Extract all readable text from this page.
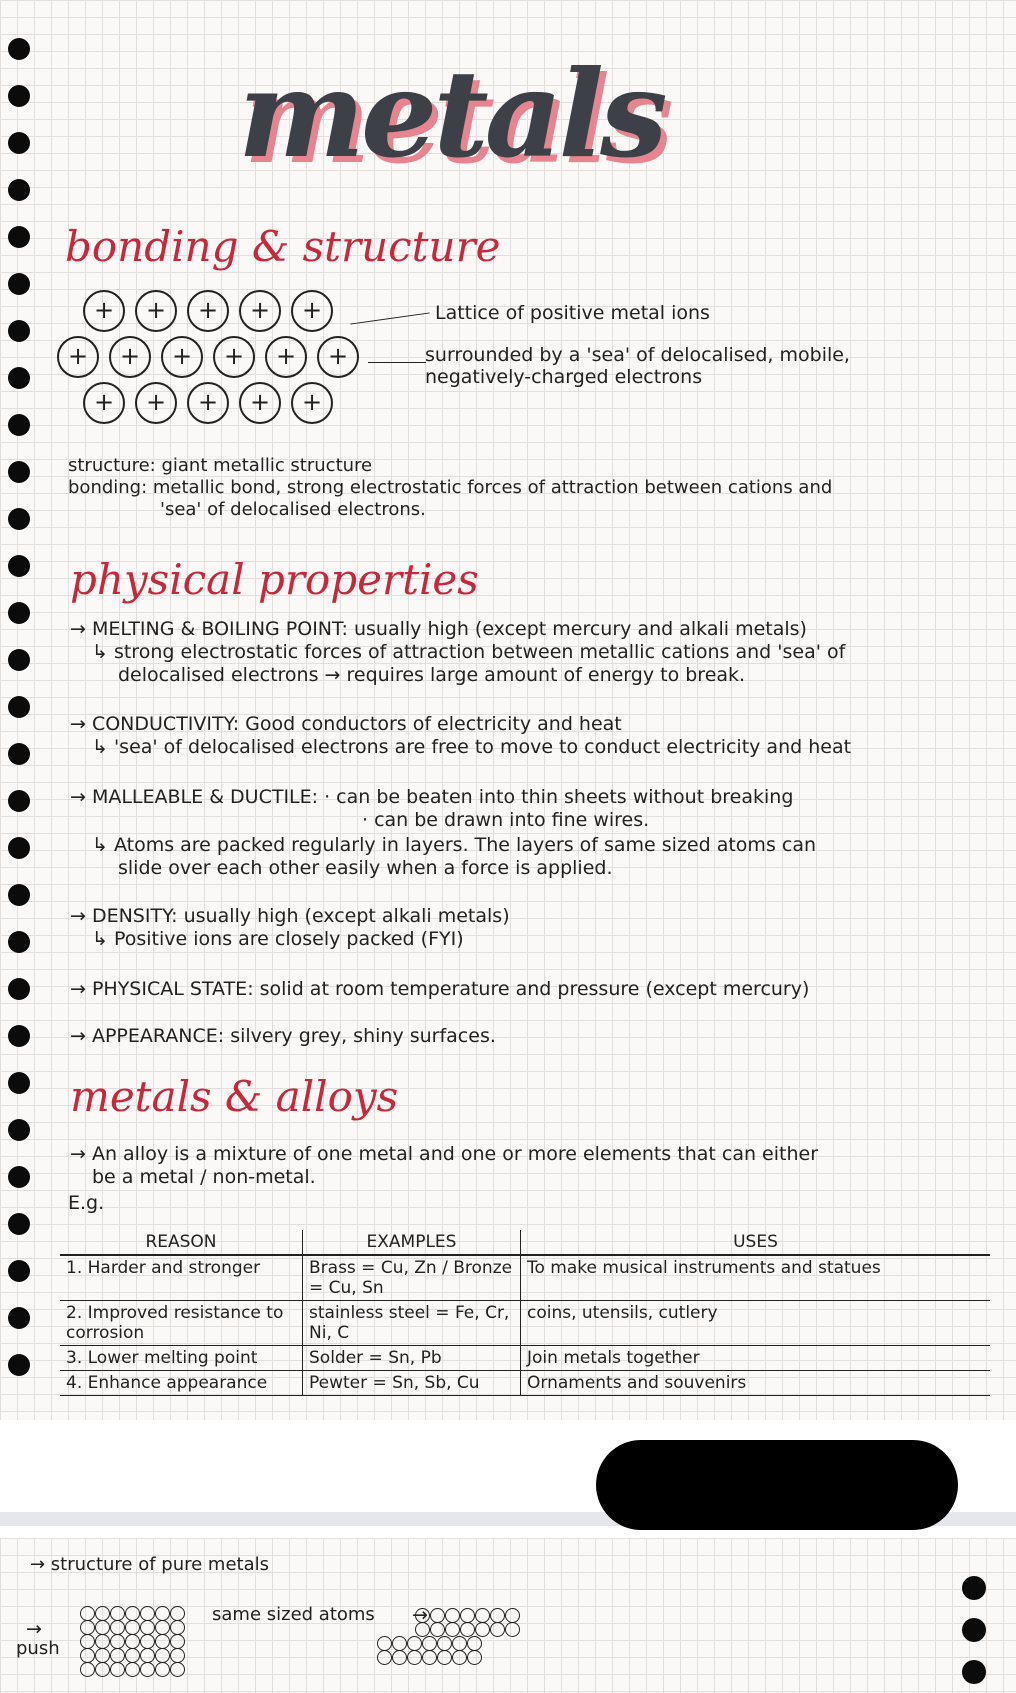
metals
bonding & structure
+	+	+	+	+
+	+	+	+	+	+
+	+	+	+	+
Lattice of positive metal ions
surrounded by a 'sea' of delocalised, mobile,
negatively-charged electrons
structure: giant metallic structure
bonding: metallic bond, strong electrostatic forces of attraction between cations and
'sea' of delocalised electrons.
physical properties
→ MELTING & BOILING POINT: usually high (except mercury and alkali metals)
↳ strong electrostatic forces of attraction between metallic cations and 'sea' of
delocalised electrons → requires large amount of energy to break.
→ CONDUCTIVITY: Good conductors of electricity and heat
↳ 'sea' of delocalised electrons are free to move to conduct electricity and heat
→ MALLEABLE & DUCTILE: · can be beaten into thin sheets without breaking
· can be drawn into fine wires.
↳ Atoms are packed regularly in layers. The layers of same sized atoms can
slide over each other easily when a force is applied.
→ DENSITY: usually high (except alkali metals)
↳ Positive ions are closely packed (FYI)
→ PHYSICAL STATE: solid at room temperature and pressure (except mercury)
→ APPEARANCE: silvery grey, shiny surfaces.
metals & alloys
→ An alloy is a mixture of one metal and one or more elements that can either
be a metal / non-metal.
E.g.
REASON	EXAMPLES	USES
1. Harder and stronger	Brass = Cu, Zn / Bronze = Cu, Sn	To make musical instruments and statues
2. Improved resistance to corrosion	stainless steel = Fe, Cr, Ni, C	coins, utensils, cutlery
3. Lower melting point	Solder = Sn, Pb	Join metals together
4. Enhance appearance	Pewter = Sn, Sb, Cu	Ornaments and souvenirs
→ structure of pure metals
same sized atoms
push
→
→
